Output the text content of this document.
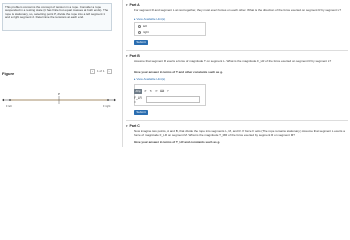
This problem concerns the concept of tension in a rope. Consider a rope suspended in a resting state (it has finite but equal masses at both ends). The rope is stationary, so, selecting point P, divide the rope into a left segment 1 and a right segment 2. Determine the tensions at each end.
Figure
‹	1 of 1	›
P
F left	F right
▾ Part A
For segment R and segment L at rest together, they must exert forces on each other. What is the direction of the force exerted on segment R by segment L?
▸ View Available Hint(s)
left
right
Submit
▾ Part B
Assume that segment R exerts a force of magnitude T on segment L. What is the magnitude F_LR of the force exerted on segment R by segment L?
Give your answer in terms of T and other constants such as g.
▸ View Available Hint(s)
ΑΣφ	↺	↻	⟳ ⌨ ?
F_LR =
Submit
▾ Part C
Now imagine two points, A and B, that divide the rope into segments L, M, and R. If force F acts (The rope remains stationary.) Assume that segment L exerts a force of magnitude F_LR on segment M. What is the magnitude T_MR of the force exerted by segment R on segment M?
Give your answer in terms of T_LR and constants such as g.
